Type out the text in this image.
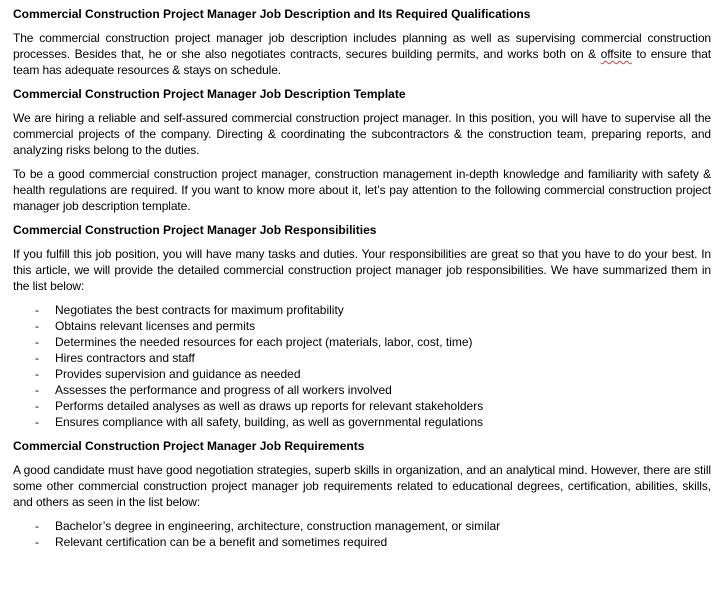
Commercial Construction Project Manager Job Description and Its Required Qualifications

The commercial construction project manager job description includes planning as well as supervising commercial construction processes. Besides that, he or she also negotiates contracts, secures building permits, and works both on & offsite to ensure that team has adequate resources & stays on schedule.

Commercial Construction Project Manager Job Description Template

We are hiring a reliable and self-assured commercial construction project manager. In this position, you will have to supervise all the commercial projects of the company. Directing & coordinating the subcontractors & the construction team, preparing reports, and analyzing risks belong to the duties.

To be a good commercial construction project manager, construction management in-depth knowledge and familiarity with safety & health regulations are required. If you want to know more about it, let’s pay attention to the following commercial construction project manager job description template.

Commercial Construction Project Manager Job Responsibilities

If you fulfill this job position, you will have many tasks and duties. Your responsibilities are great so that you have to do your best. In this article, we will provide the detailed commercial construction project manager job responsibilities. We have summarized them in the list below:

- Negotiates the best contracts for maximum profitability
- Obtains relevant licenses and permits
- Determines the needed resources for each project (materials, labor, cost, time)
- Hires contractors and staff
- Provides supervision and guidance as needed
- Assesses the performance and progress of all workers involved
- Performs detailed analyses as well as draws up reports for relevant stakeholders
- Ensures compliance with all safety, building, as well as governmental regulations
Commercial Construction Project Manager Job Requirements

A good candidate must have good negotiation strategies, superb skills in organization, and an analytical mind. However, there are still some other commercial construction project manager job requirements related to educational degrees, certification, abilities, skills, and others as seen in the list below:

- Bachelor’s degree in engineering, architecture, construction management, or similar
- Relevant certification can be a benefit and sometimes required
